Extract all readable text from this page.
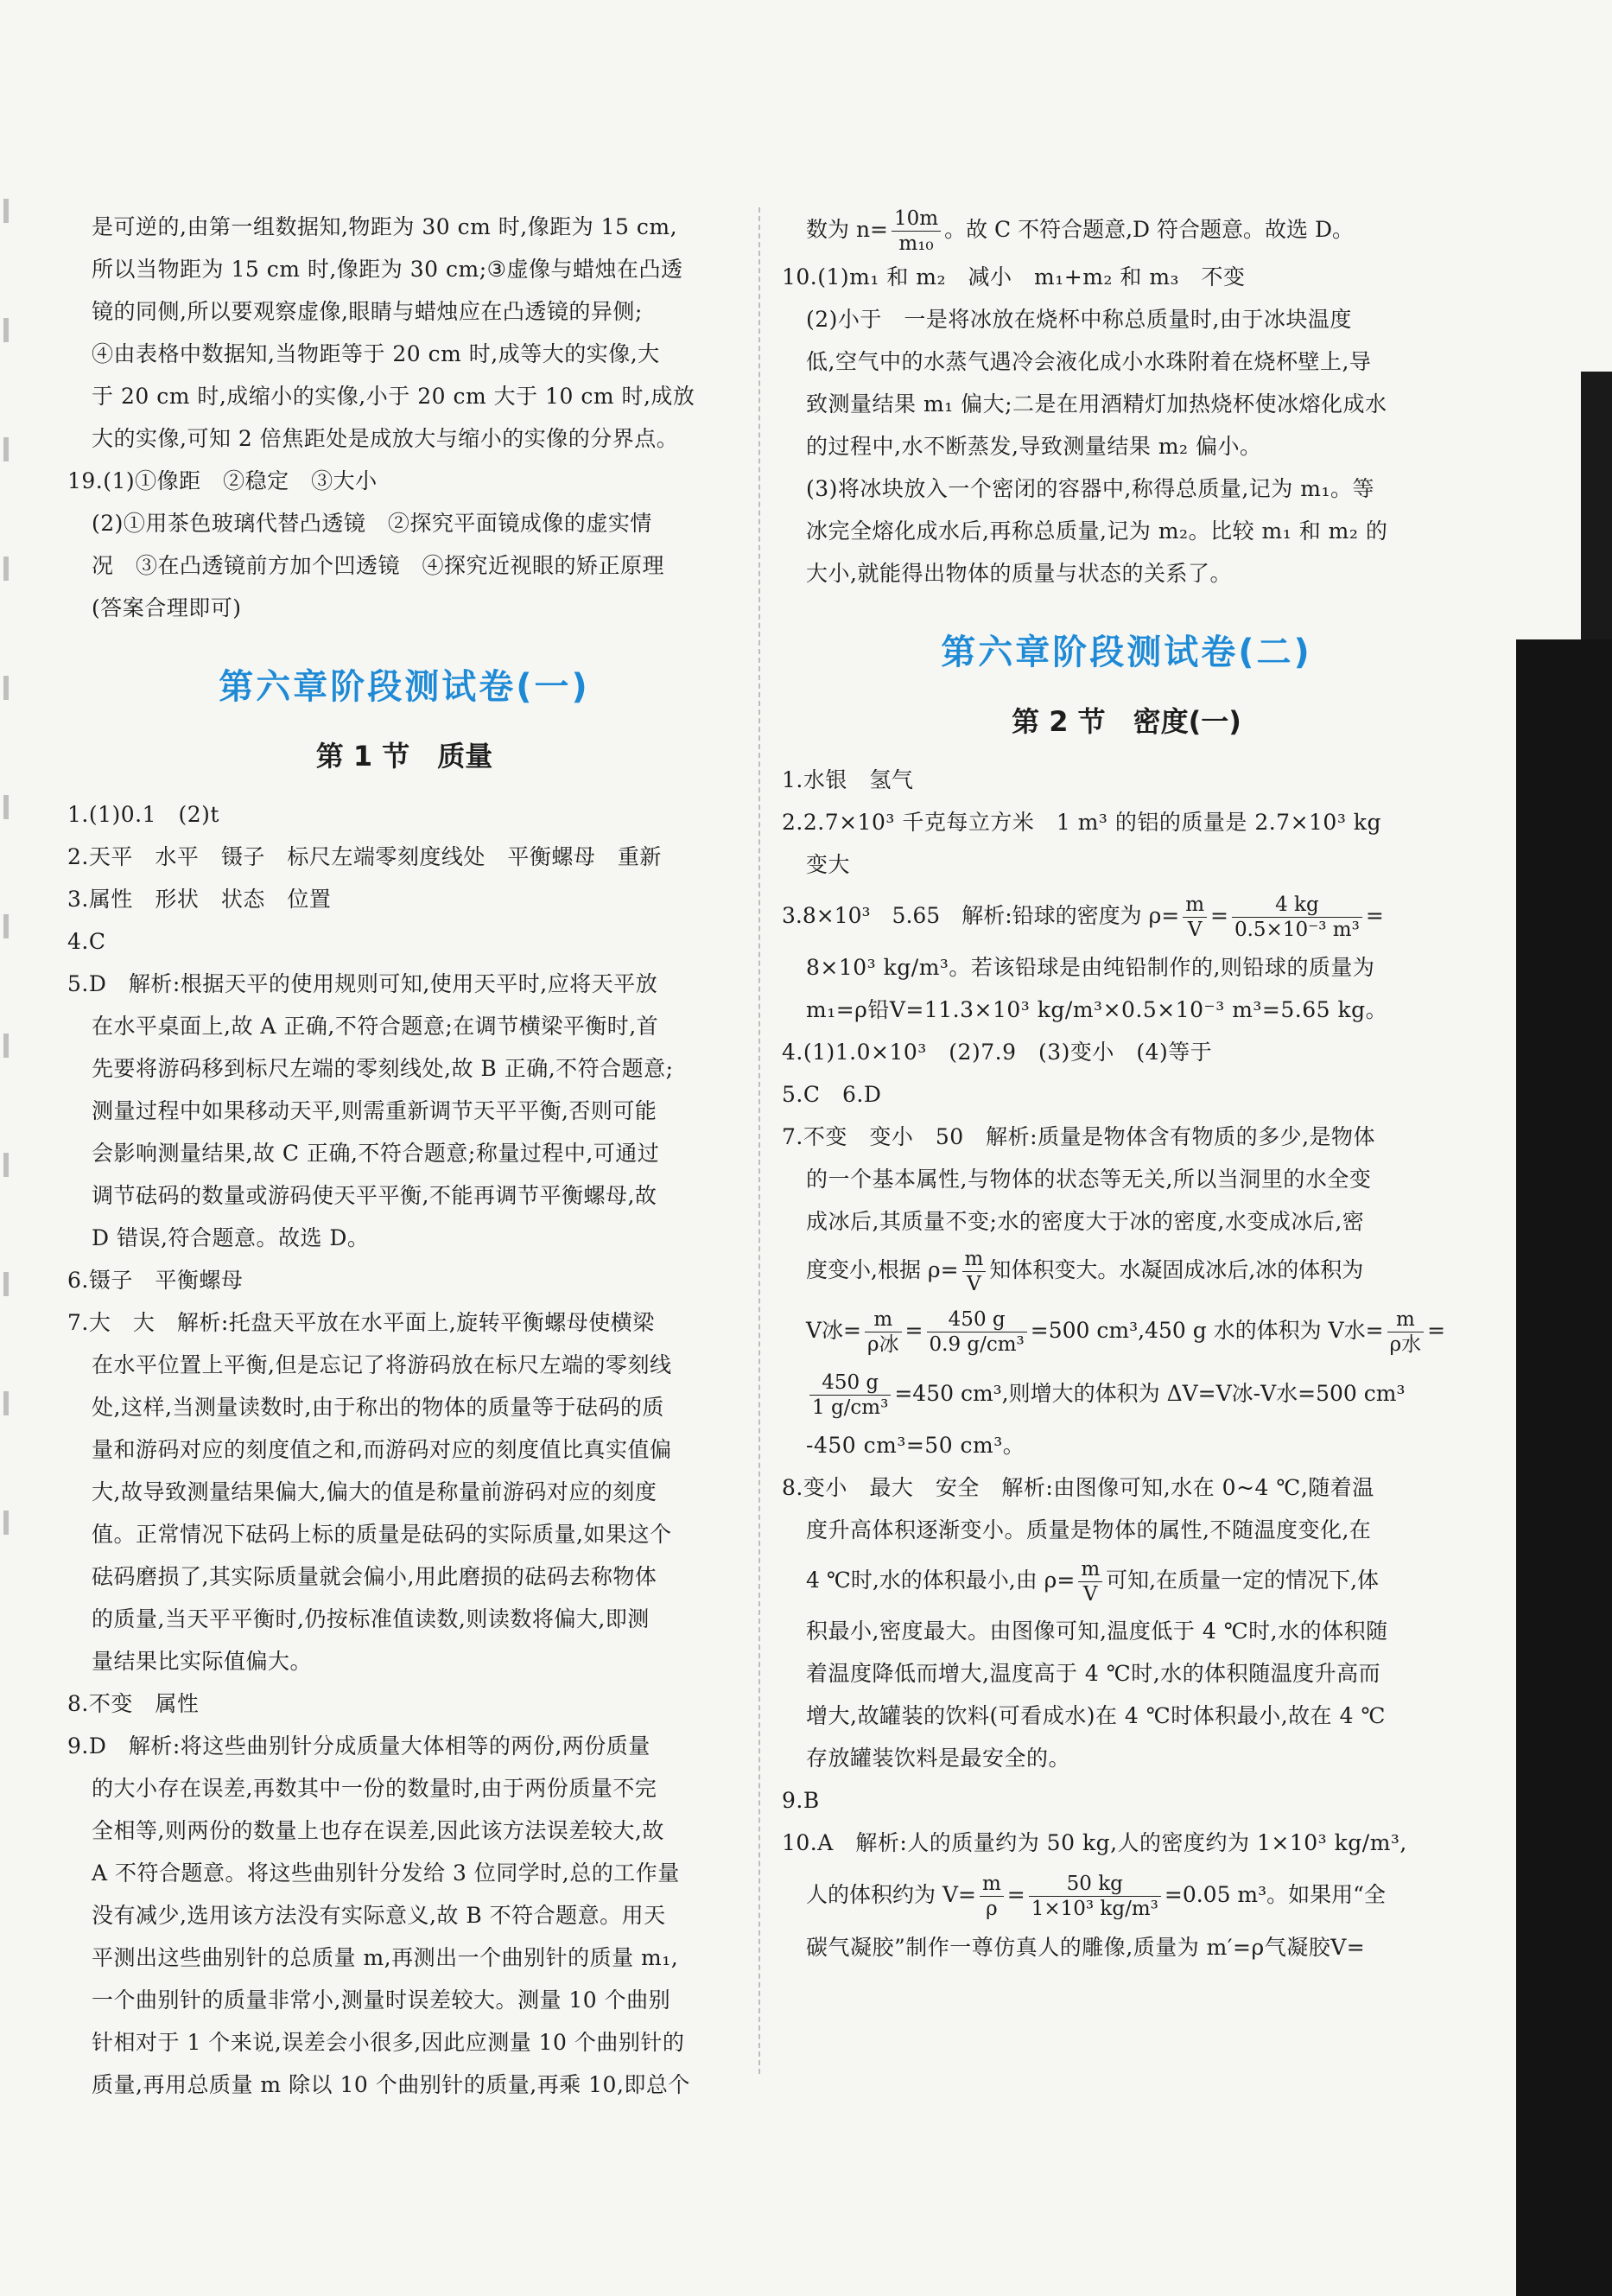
是可逆的,由第一组数据知,物距为 30 cm 时,像距为 15 cm,
所以当物距为 15 cm 时,像距为 30 cm;③虚像与蜡烛在凸透
镜的同侧,所以要观察虚像,眼睛与蜡烛应在凸透镜的异侧;
④由表格中数据知,当物距等于 20 cm 时,成等大的实像,大
于 20 cm 时,成缩小的实像,小于 20 cm 大于 10 cm 时,成放
大的实像,可知 2 倍焦距处是成放大与缩小的实像的分界点。
19.(1)①像距　②稳定　③大小
(2)①用茶色玻璃代替凸透镜　②探究平面镜成像的虚实情
况　③在凸透镜前方加个凹透镜　④探究近视眼的矫正原理
(答案合理即可)
第六章阶段测试卷(一)
第 1 节　质量
1.(1)0.1　(2)t
2.天平　水平　镊子　标尺左端零刻度线处　平衡螺母　重新
3.属性　形状　状态　位置
4.C
5.D　解析:根据天平的使用规则可知,使用天平时,应将天平放
在水平桌面上,故 A 正确,不符合题意;在调节横梁平衡时,首
先要将游码移到标尺左端的零刻线处,故 B 正确,不符合题意;
测量过程中如果移动天平,则需重新调节天平平衡,否则可能
会影响测量结果,故 C 正确,不符合题意;称量过程中,可通过
调节砝码的数量或游码使天平平衡,不能再调节平衡螺母,故
D 错误,符合题意。故选 D。
6.镊子　平衡螺母
7.大　大　解析:托盘天平放在水平面上,旋转平衡螺母使横梁
在水平位置上平衡,但是忘记了将游码放在标尺左端的零刻线
处,这样,当测量读数时,由于称出的物体的质量等于砝码的质
量和游码对应的刻度值之和,而游码对应的刻度值比真实值偏
大,故导致测量结果偏大,偏大的值是称量前游码对应的刻度
值。正常情况下砝码上标的质量是砝码的实际质量,如果这个
砝码磨损了,其实际质量就会偏小,用此磨损的砝码去称物体
的质量,当天平平衡时,仍按标准值读数,则读数将偏大,即测
量结果比实际值偏大。
8.不变　属性
9.D　解析:将这些曲别针分成质量大体相等的两份,两份质量
的大小存在误差,再数其中一份的数量时,由于两份质量不完
全相等,则两份的数量上也存在误差,因此该方法误差较大,故
A 不符合题意。将这些曲别针分发给 3 位同学时,总的工作量
没有减少,选用该方法没有实际意义,故 B 不符合题意。用天
平测出这些曲别针的总质量 m,再测出一个曲别针的质量 m₁,
一个曲别针的质量非常小,测量时误差较大。测量 10 个曲别
针相对于 1 个来说,误差会小很多,因此应测量 10 个曲别针的
质量,再用总质量 m 除以 10 个曲别针的质量,再乘 10,即总个
数为 $n= \frac{10m}{\text{m₁₀}}$ 。故 C 不符合题意,D 符合题意。故选 D。
10.(1)m₁ 和 m₂　减小　m₁+m₂ 和 m₃　不变
(2)小于　一是将冰放在烧杯中称总质量时,由于冰块温度
低,空气中的水蒸气遇冷会液化成小水珠附着在烧杯壁上,导
致测量结果 m₁ 偏大;二是在用酒精灯加热烧杯使冰熔化成水
的过程中,水不断蒸发,导致测量结果 m₂ 偏小。
(3)将冰块放入一个密闭的容器中,称得总质量,记为 m₁。等
冰完全熔化成水后,再称总质量,记为 m₂。比较 m₁ 和 m₂ 的
大小,就能得出物体的质量与状态的关系了。
第六章阶段测试卷(二)
第 2 节　密度(一)
1.水银　氢气
2.2.7×10³ 千克每立方米　1 m³ 的铝的质量是 2.7×10³ kg
变大
3.8×10³　5.65　解析:铅球的密度为 $\rho= \frac{m}{V} = \frac{4 kg}{\text{0.5×10⁻³ m³}}$ =
8×10³ kg/m³。若该铅球是由纯铅制作的,则铅球的质量为
m₁=ρ铅V=11.3×10³ kg/m³×0.5×10⁻³ m³=5.65 kg。
4.(1)1.0×10³　(2)7.9　(3)变小　(4)等于
5.C　6.D
7.不变　变小　50　解析:质量是物体含有物质的多少,是物体
的一个基本属性,与物体的状态等无关,所以当洞里的水全变
成冰后,其质量不变;水的密度大于冰的密度,水变成冰后,密
度变小,根据 $\rho= \frac{m}{V}$ 知体积变大。水凝固成冰后,冰的体积为
V冰= $\frac{m}{\text{ρ冰}} = \frac{450 g}{\text{0.9 g/cm³}} =500$ cm³,450 g 水的体积为 V水= $\frac{m}{\text{ρ水}}$ =
$\frac{450 g}{\text{1 g/cm³}} =450$ cm³,则增大的体积为 ΔV=V冰-V水=500 cm³
-450 cm³=50 cm³。
8.变小　最大　安全　解析:由图像可知,水在 0~4 ℃,随着温
度升高体积逐渐变小。质量是物体的属性,不随温度变化,在
4 ℃时,水的体积最小,由 $\rho= \frac{m}{V}$ 可知,在质量一定的情况下,体
积最小,密度最大。由图像可知,温度低于 4 ℃时,水的体积随
着温度降低而增大,温度高于 4 ℃时,水的体积随温度升高而
增大,故罐装的饮料(可看成水)在 4 ℃时体积最小,故在 4 ℃
存放罐装饮料是最安全的。
9.B
10.A　解析:人的质量约为 50 kg,人的密度约为 1×10³ kg/m³,
人的体积约为 $V= \frac{m}{\rho} = \frac{50 kg}{\text{1×10³ kg/m³}} =0.05$ m³。如果用“全
碳气凝胶”制作一尊仿真人的雕像,质量为 m′=ρ气凝胶V=
